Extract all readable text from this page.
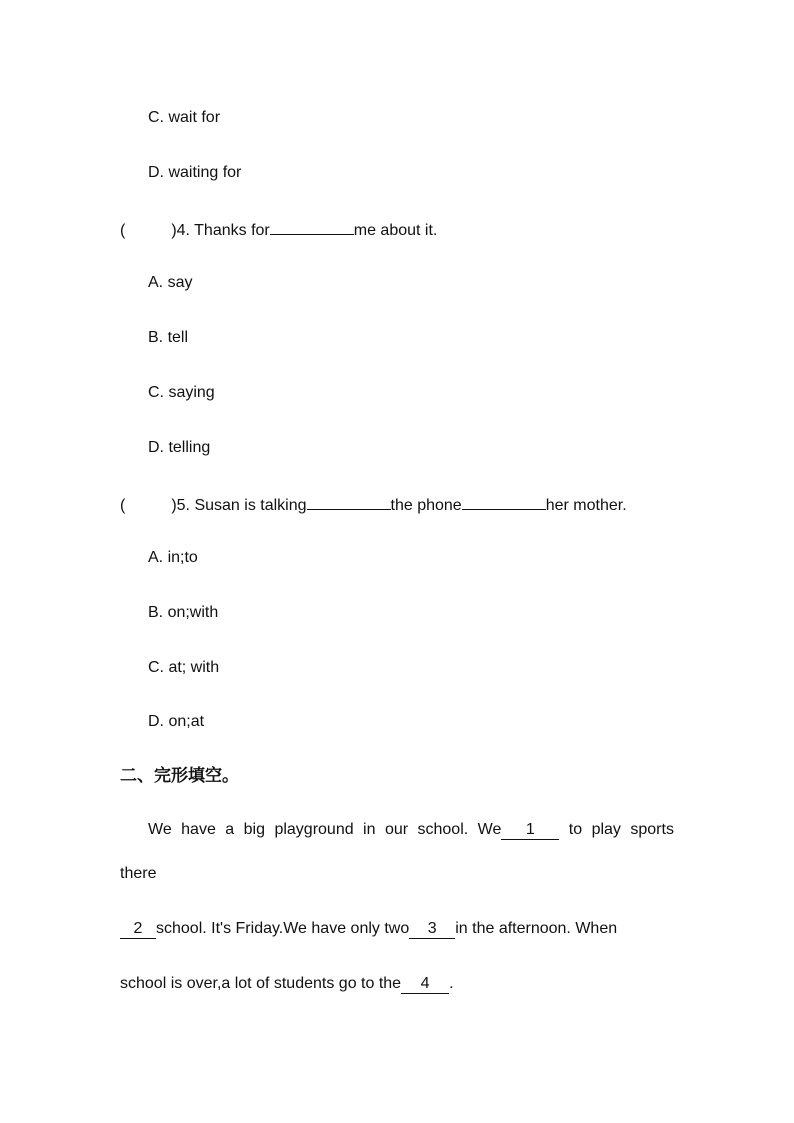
C. wait for
D. waiting for
(	)4. Thanks for	me about it.
A. say
B. tell
C. saying
D. telling
(	)5. Susan is talking	the phone	her mother.
A. in;to
B. on;with
C. at; with
D. on;at
二、完形填空。
We have a big playground in our school. We 1	to play sports
there
2 school. It's Friday.We have only two 3 in the afternoon. When
school is over,a lot of students go to the 4 .
